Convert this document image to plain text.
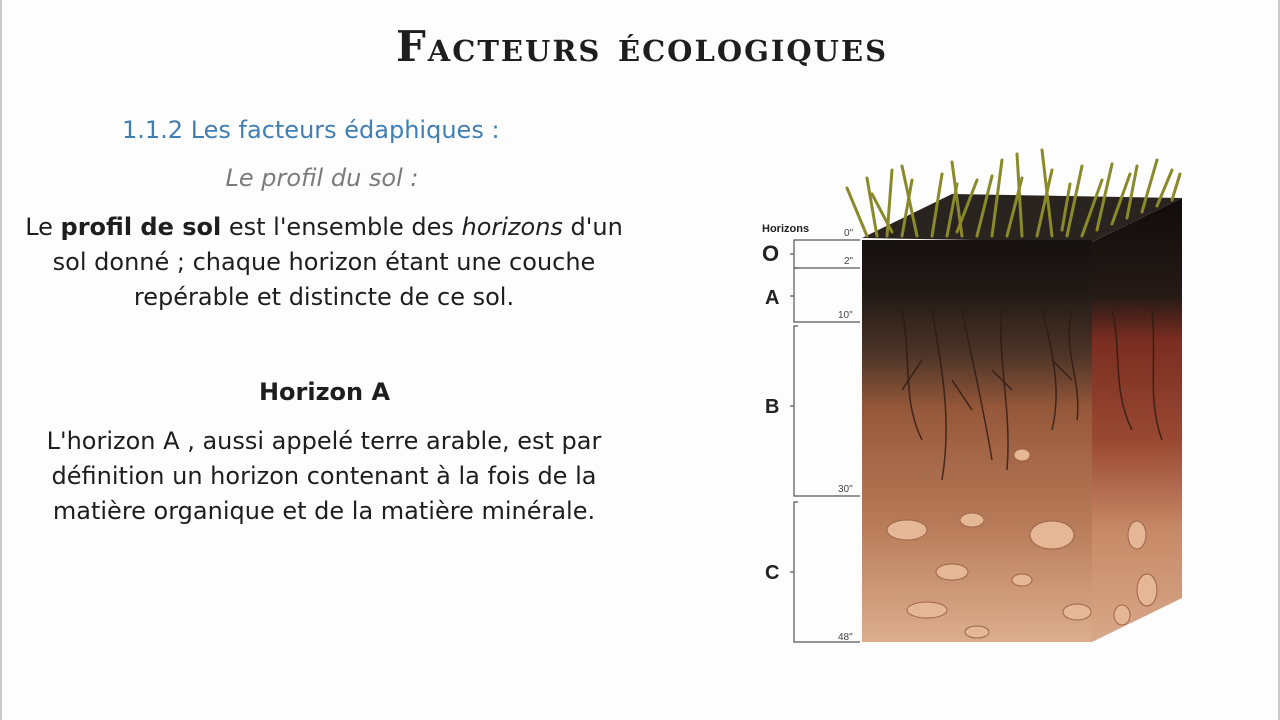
Facteurs écologiques
1.1.2 Les facteurs édaphiques :
Le profil du sol :
Le profil de sol est l'ensemble des horizons d'un sol donné ; chaque horizon étant une couche repérable et distincte de ce sol.
Horizon A
L'horizon A , aussi appelé terre arable, est par définition un horizon contenant à la fois de la matière organique et de la matière minérale.
Horizons
O
A
B
C
0"
2"
10"
30"
48"
